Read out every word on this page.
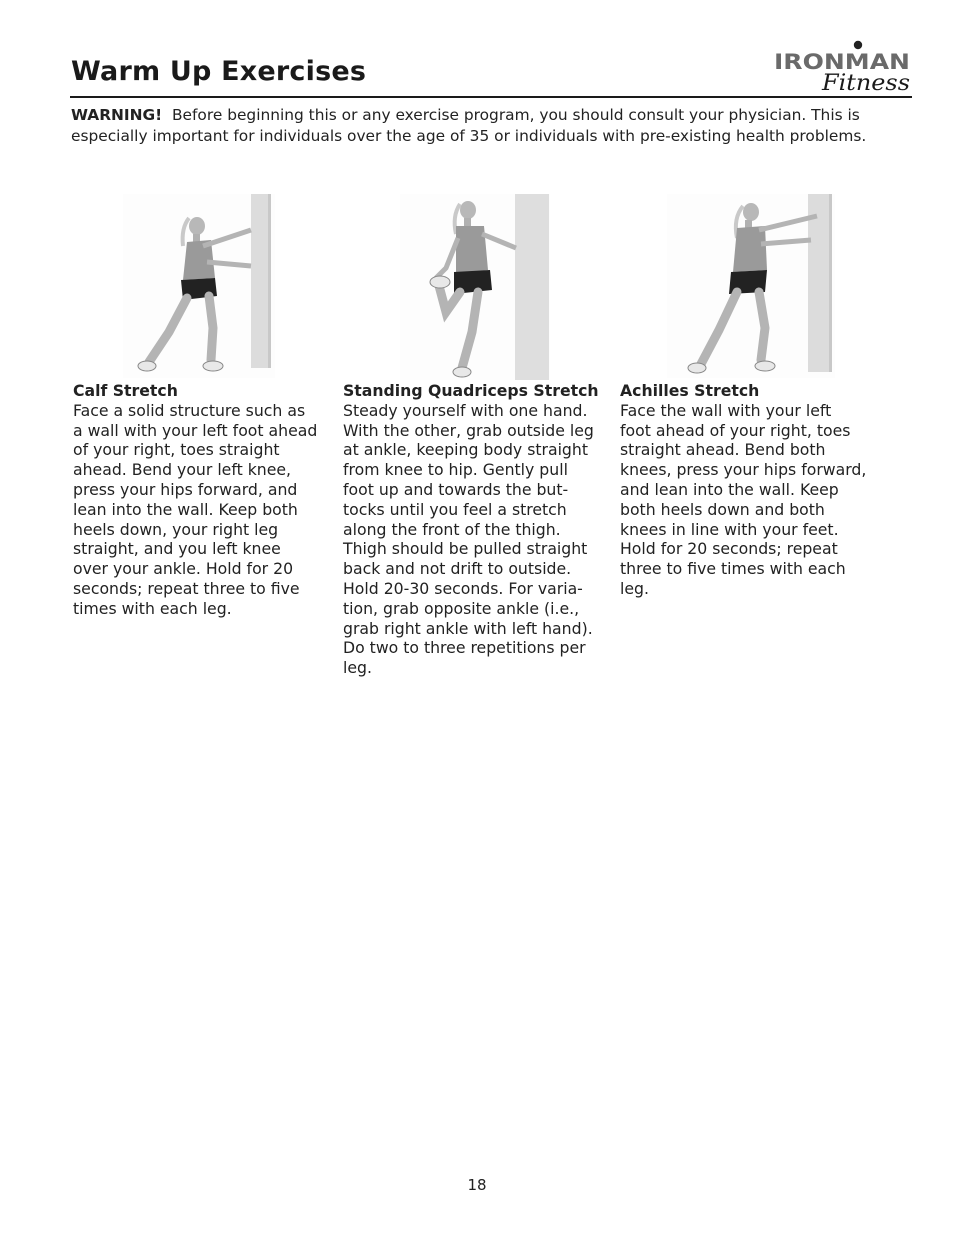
Warm Up Exercises	IRONMAN
Fitness
WARNING! Before beginning this or any exercise program, you should consult your physician. This is especially important for individuals over the age of 35 or individuals with pre-existing health problems.
Calf Stretch

Face a solid structure such as
a wall with your left foot ahead
of your right, toes straight
ahead. Bend your left knee,
press your hips forward, and
lean into the wall. Keep both
heels down, your right leg
straight, and you left knee
over your ankle. Hold for 20
seconds; repeat three to five
times with each leg.

Standing Quadriceps Stretch

Steady yourself with one hand.
With the other, grab outside leg
at ankle, keeping body straight
from knee to hip. Gently pull
foot up and towards the but-
tocks until you feel a stretch
along the front of the thigh.
Thigh should be pulled straight
back and not drift to outside.
Hold 20-30 seconds. For varia-
tion, grab opposite ankle (i.e.,
grab right ankle with left hand).
Do two to three repetitions per
leg.

Achilles Stretch

Face the wall with your left
foot ahead of your right, toes
straight ahead. Bend both
knees, press your hips forward,
and lean into the wall. Keep
both heels down and both
knees in line with your feet.
Hold for 20 seconds; repeat
three to five times with each
leg.

18
